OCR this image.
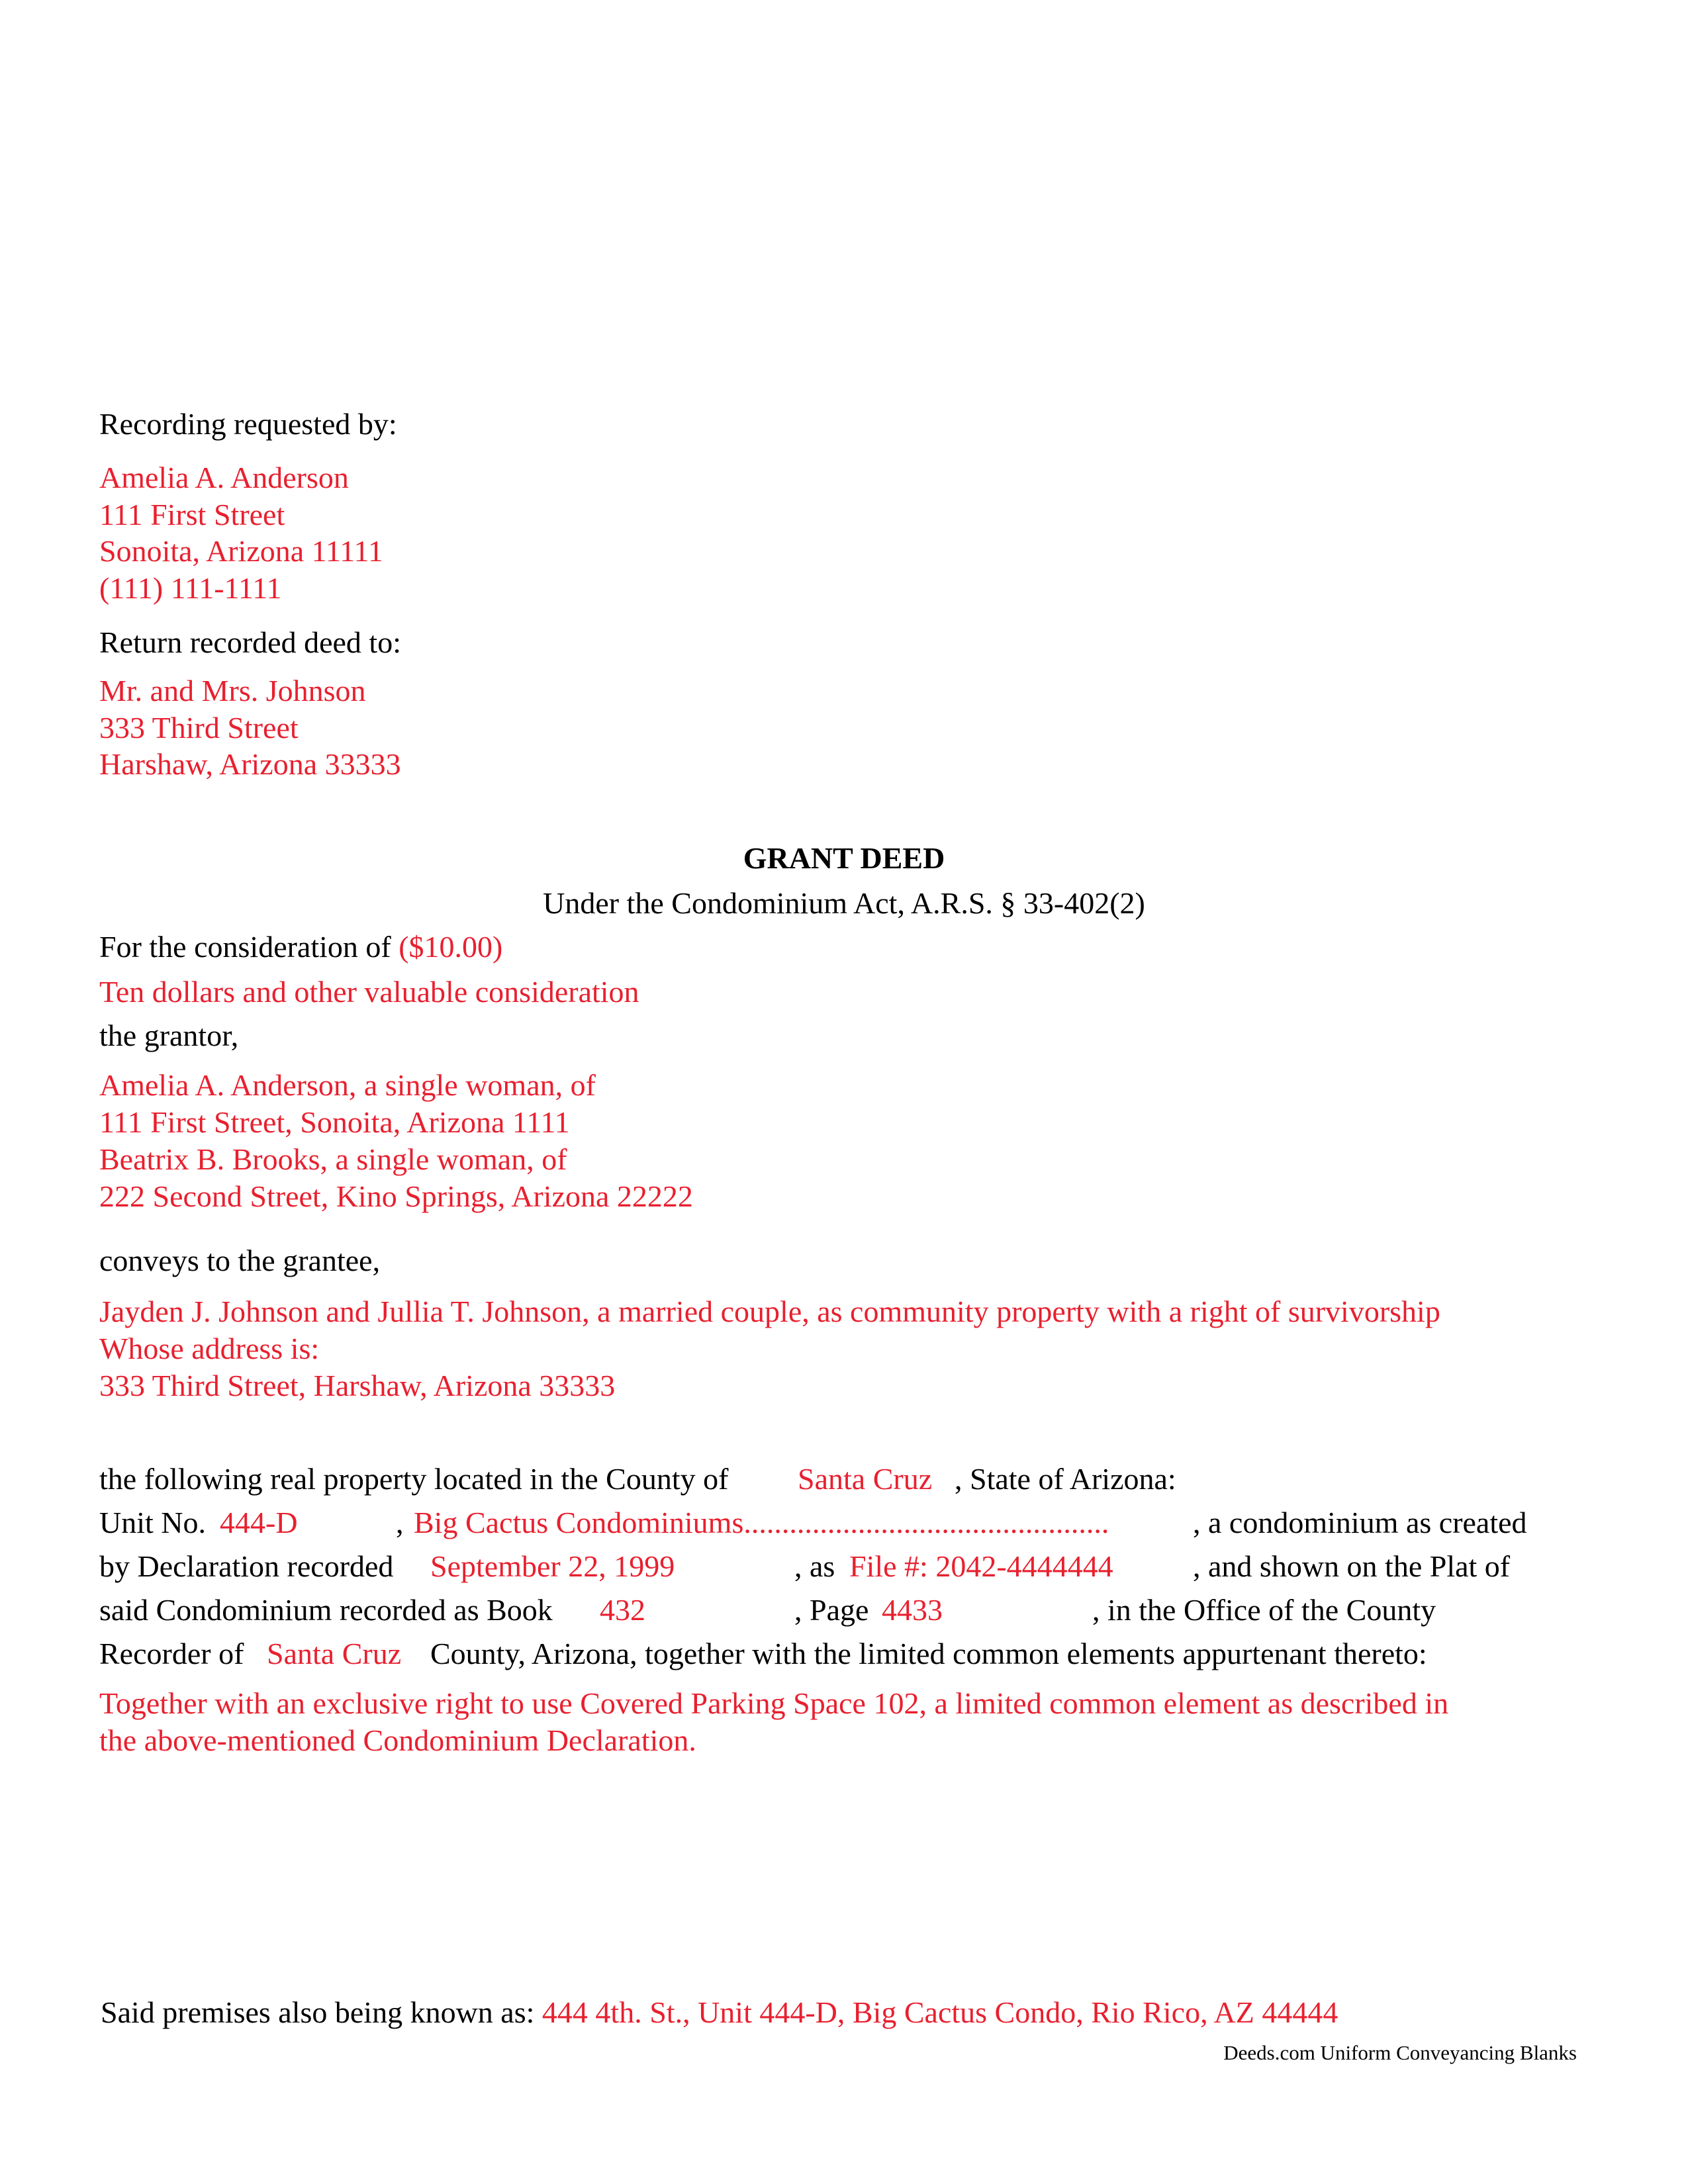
Recording requested by:
Amelia A. Anderson
111 First Street
Sonoita, Arizona 11111
(111) 111-1111
Return recorded deed to:
Mr. and Mrs. Johnson
333 Third Street
Harshaw, Arizona 33333
GRANT DEED
Under the Condominium Act, A.R.S. § 33-402(2)
For the consideration of ($10.00)
Ten dollars and other valuable consideration
the grantor,
Amelia A. Anderson, a single woman, of
111 First Street, Sonoita, Arizona 1111
Beatrix B. Brooks, a single woman, of
222 Second Street, Kino Springs, Arizona 22222
conveys to the grantee,
Jayden J. Johnson and Jullia T. Johnson, a married couple, as community property with a right of survivorship
Whose address is:
333 Third Street, Harshaw, Arizona 33333
the following real property located in the County of Santa Cruz , State of Arizona:
Unit No. 444-D	, Big Cactus Condominiums................................................	, a condominium as created
by Declaration recorded September 22, 1999	, as File #: 2042-4444444	, and shown on the Plat of
said Condominium recorded as Book 432	, Page 4433	, in the Office of the County
Recorder of Santa Cruz County, Arizona, together with the limited common elements appurtenant thereto:
Together with an exclusive right to use Covered Parking Space 102, a limited common element as described in
the above-mentioned Condominium Declaration.
Said premises also being known as: 444 4th. St., Unit 444-D, Big Cactus Condo, Rio Rico, AZ 44444
Deeds.com Uniform Conveyancing Blanks
